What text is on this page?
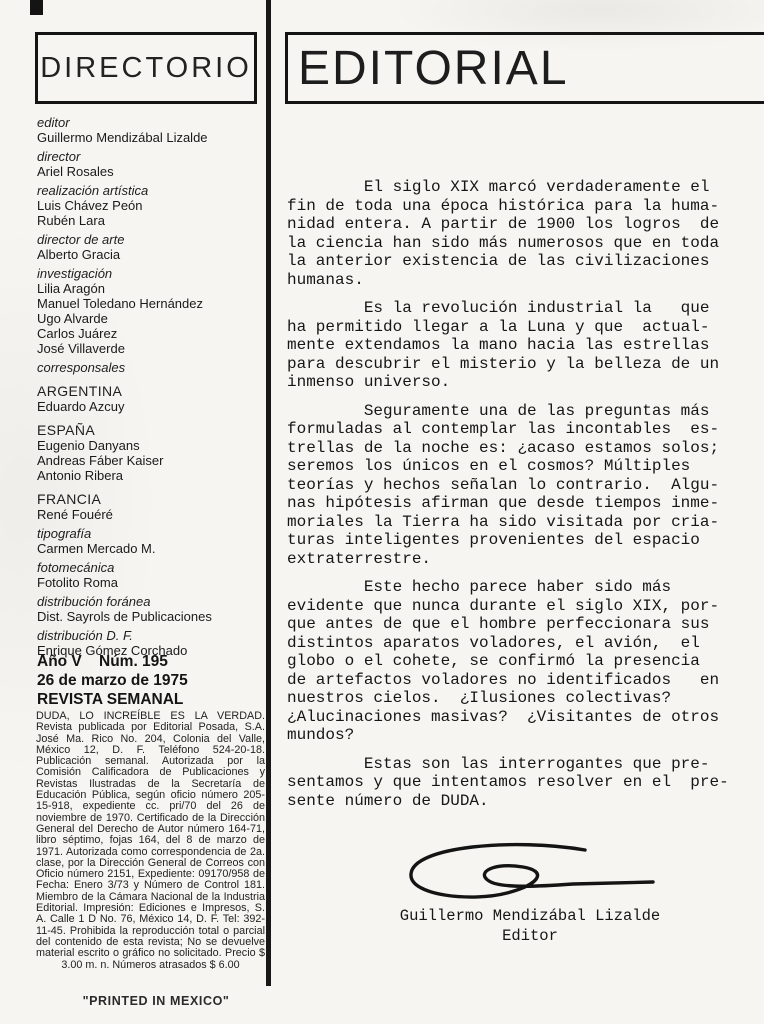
DIRECTORIO
editor
Guillermo Mendizábal Lizalde
director
Ariel Rosales
realización artística
Luis Chávez Peón
Rubén Lara
director de arte
Alberto Gracia
investigación
Lilia Aragón
Manuel Toledano Hernández
Ugo Alvarde
Carlos Juárez
José Villaverde
corresponsales
ARGENTINA
Eduardo Azcuy
ESPAÑA
Eugenio Danyans
Andreas Fáber Kaiser
Antonio Ribera
FRANCIA
René Fouéré
tipografía
Carmen Mercado M.
fotomecánica
Fotolito Roma
distribución foránea
Dist. Sayrols de Publicaciones
distribución D. F.
Enrique Gómez Corchado
Año V    Núm. 195
26 de marzo de 1975
REVISTA SEMANAL
DUDA, LO INCREÍBLE ES LA VERDAD. Revista publicada por Editorial Posada, S.A. José Ma. Rico No. 204, Colonia del Valle, México 12, D. F. Teléfono 524-20-18. Publicación semanal. Autorizada por la Comisión Calificadora de Publicaciones y Revistas Ilustradas de la Secretaría de Educación Pública, según oficio número 205-15-918, expediente cc. pri/70 del 26 de noviembre de 1970. Certificado de la Dirección General del Derecho de Autor número 164-71, libro séptimo, fojas 164, del 8 de marzo de 1971. Autorizada como correspondencia de 2a. clase, por la Dirección General de Correos con Oficio número 2151, Expediente: 09170/958 de Fecha: Enero 3/73 y Número de Control 181. Miembro de la Cámara Nacional de la Industria Editorial. Impresión: Ediciones e Impresos, S. A. Calle 1 D No. 76, México 14, D. F. Tel: 392-11-45. Prohibida la reproducción total o parcial del contenido de esta revista; No se devuelve material escrito o gráfico no solicitado. Precio $ 3.00 m. n. Números atrasados $ 6.00
"PRINTED IN MEXICO"
EDITORIAL
El siglo XIX marcó verdaderamente el
fin de toda una época histórica para la huma-
nidad entera. A partir de 1900 los logros  de
la ciencia han sido más numerosos que en toda
la anterior existencia de las civilizaciones
humanas.
Es la revolución industrial la   que
ha permitido llegar a la Luna y que  actual-
mente extendamos la mano hacia las estrellas
para descubrir el misterio y la belleza de un
inmenso universo.
Seguramente una de las preguntas más
formuladas al contemplar las incontables  es-
trellas de la noche es: ¿acaso estamos solos;
seremos los únicos en el cosmos? Múltiples
teorías y hechos señalan lo contrario.  Algu-
nas hipótesis afirman que desde tiempos inme-
moriales la Tierra ha sido visitada por cria-
turas inteligentes provenientes del espacio
extraterrestre.
Este hecho parece haber sido más
evidente que nunca durante el siglo XIX, por-
que antes de que el hombre perfeccionara sus
distintos aparatos voladores, el avión,  el
globo o el cohete, se confirmó la presencia
de artefactos voladores no identificados   en
nuestros cielos.  ¿Ilusiones colectivas?
¿Alucinaciones masivas?  ¿Visitantes de otros
mundos?
Estas son las interrogantes que pre-
sentamos y que intentamos resolver en el  pre-
sente número de DUDA.
Guillermo Mendizábal Lizalde
Editor
